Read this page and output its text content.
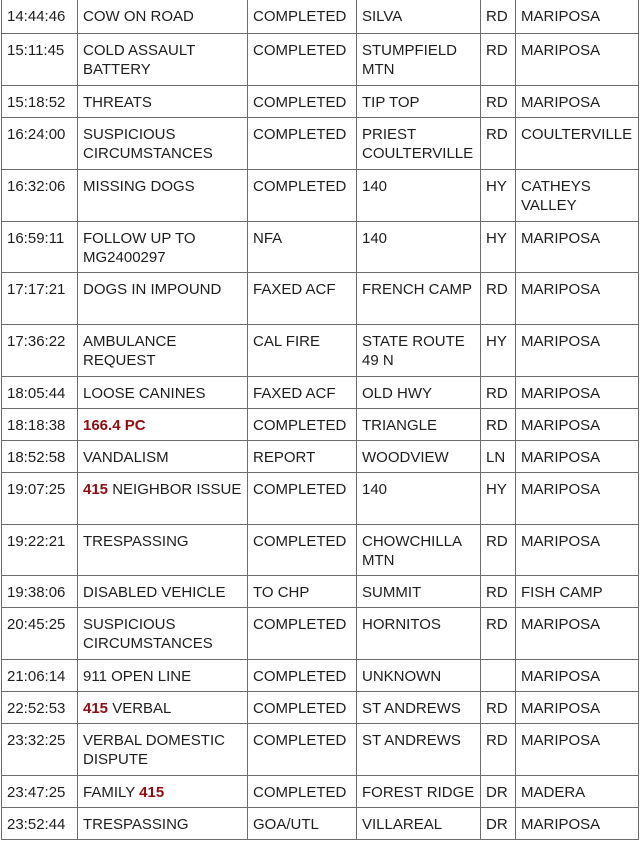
14:44:46	COW ON ROAD	COMPLETED	SILVA	RD	MARIPOSA
15:11:45	COLD ASSAULT BATTERY	COMPLETED	STUMPFIELD MTN	RD	MARIPOSA
15:18:52	THREATS	COMPLETED	TIP TOP	RD	MARIPOSA
16:24:00	SUSPICIOUS CIRCUMSTANCES	COMPLETED	PRIEST COULTERVILLE	RD	COULTERVILLE
16:32:06	MISSING DOGS	COMPLETED	140	HY	CATHEYS VALLEY
16:59:11	FOLLOW UP TO MG2400297	NFA	140	HY	MARIPOSA
17:17:21	DOGS IN IMPOUND	FAXED ACF	FRENCH CAMP	RD	MARIPOSA
17:36:22	AMBULANCE REQUEST	CAL FIRE	STATE ROUTE 49 N	HY	MARIPOSA
18:05:44	LOOSE CANINES	FAXED ACF	OLD HWY	RD	MARIPOSA
18:18:38	166.4 PC	COMPLETED	TRIANGLE	RD	MARIPOSA
18:52:58	VANDALISM	REPORT	WOODVIEW	LN	MARIPOSA
19:07:25	415 NEIGHBOR ISSUE	COMPLETED	140	HY	MARIPOSA
19:22:21	TRESPASSING	COMPLETED	CHOWCHILLA MTN	RD	MARIPOSA
19:38:06	DISABLED VEHICLE	TO CHP	SUMMIT	RD	FISH CAMP
20:45:25	SUSPICIOUS CIRCUMSTANCES	COMPLETED	HORNITOS	RD	MARIPOSA
21:06:14	911 OPEN LINE	COMPLETED	UNKNOWN		MARIPOSA
22:52:53	415 VERBAL	COMPLETED	ST ANDREWS	RD	MARIPOSA
23:32:25	VERBAL DOMESTIC DISPUTE	COMPLETED	ST ANDREWS	RD	MARIPOSA
23:47:25	FAMILY 415	COMPLETED	FOREST RIDGE	DR	MADERA
23:52:44	TRESPASSING	GOA/UTL	VILLAREAL	DR	MARIPOSA
